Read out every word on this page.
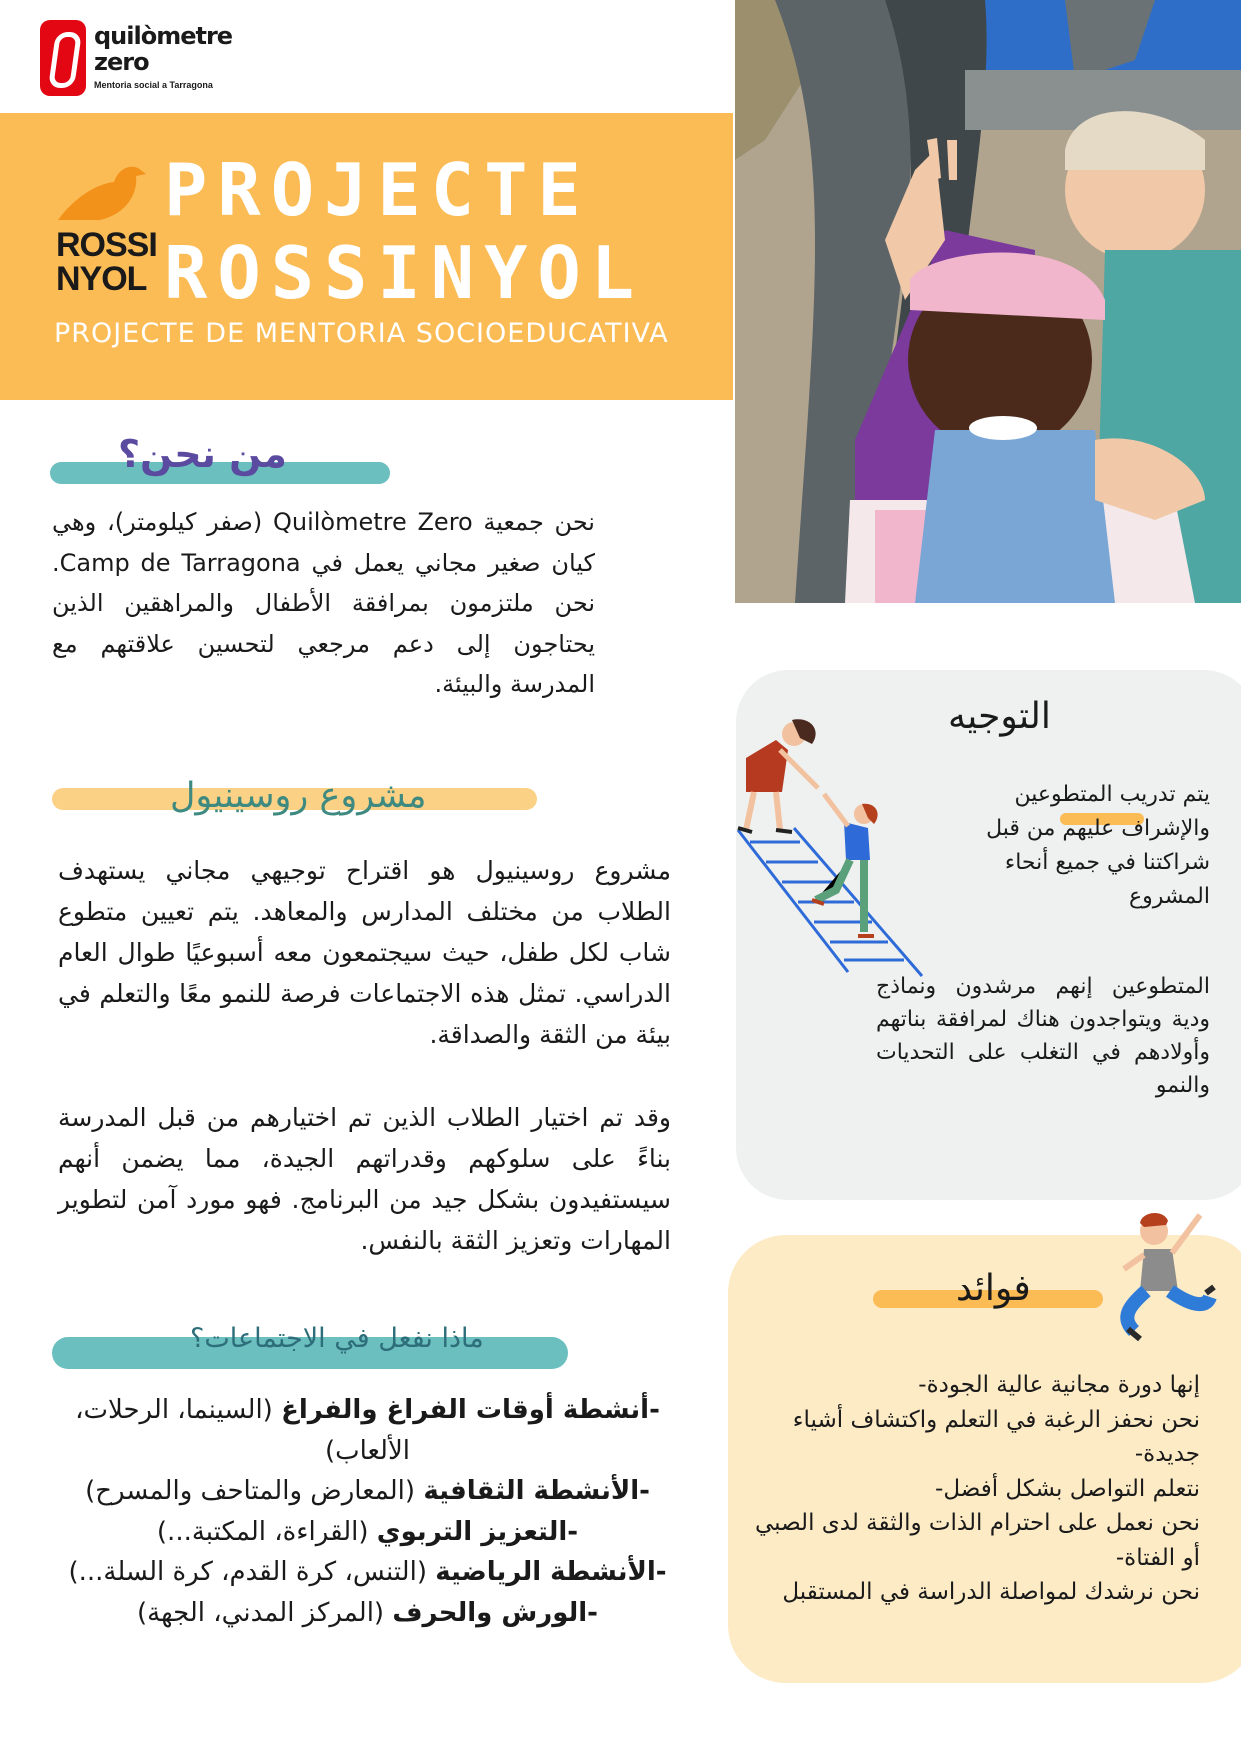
quilòmetre
zero
Mentoria social a Tarragona
ROSSI
NYOL
PROJECTE
ROSSINYOL
PROJECTE DE MENTORIA SOCIOEDUCATIVA
من نحن؟
نحن جمعية Quilòmetre Zero (صفر كيلومتر)، وهي كيان صغير مجاني يعمل في Camp de Tarragona. نحن ملتزمون بمرافقة الأطفال والمراهقين الذين يحتاجون إلى دعم مرجعي لتحسين علاقتهم مع المدرسة والبيئة.
مشروع روسينيول
مشروع روسينيول هو اقتراح توجيهي مجاني يستهدف الطلاب من مختلف المدارس والمعاهد. يتم تعيين متطوع شاب لكل طفل، حيث سيجتمعون معه أسبوعيًا طوال العام الدراسي. تمثل هذه الاجتماعات فرصة للنمو معًا والتعلم في بيئة من الثقة والصداقة.
وقد تم اختيار الطلاب الذين تم اختيارهم من قبل المدرسة بناءً على سلوكهم وقدراتهم الجيدة، مما يضمن أنهم سيستفيدون بشكل جيد من البرنامج. فهو مورد آمن لتطوير المهارات وتعزيز الثقة بالنفس.
ماذا نفعل في الاجتماعات؟
-أنشطة أوقات الفراغ والفراغ (السينما، الرحلات، الألعاب)
-الأنشطة الثقافية (المعارض والمتاحف والمسرح)
-التعزيز التربوي (القراءة، المكتبة...)
-الأنشطة الرياضية (التنس، كرة القدم، كرة السلة...)
-الورش والحرف (المركز المدني، الجهة)
التوجيه
يتم تدريب المتطوعين والإشراف عليهم من قبل شراكتنا في جميع أنحاء المشروع
المتطوعين إنهم مرشدون ونماذج ودية ويتواجدون هناك لمرافقة بناتهم وأولادهم في التغلب على التحديات والنمو
فوائد
إنها دورة مجانية عالية الجودة-
نحن نحفز الرغبة في التعلم واكتشاف أشياء جديدة-
نتعلم التواصل بشكل أفضل-
نحن نعمل على احترام الذات والثقة لدى الصبي أو الفتاة-
نحن نرشدك لمواصلة الدراسة في المستقبل
